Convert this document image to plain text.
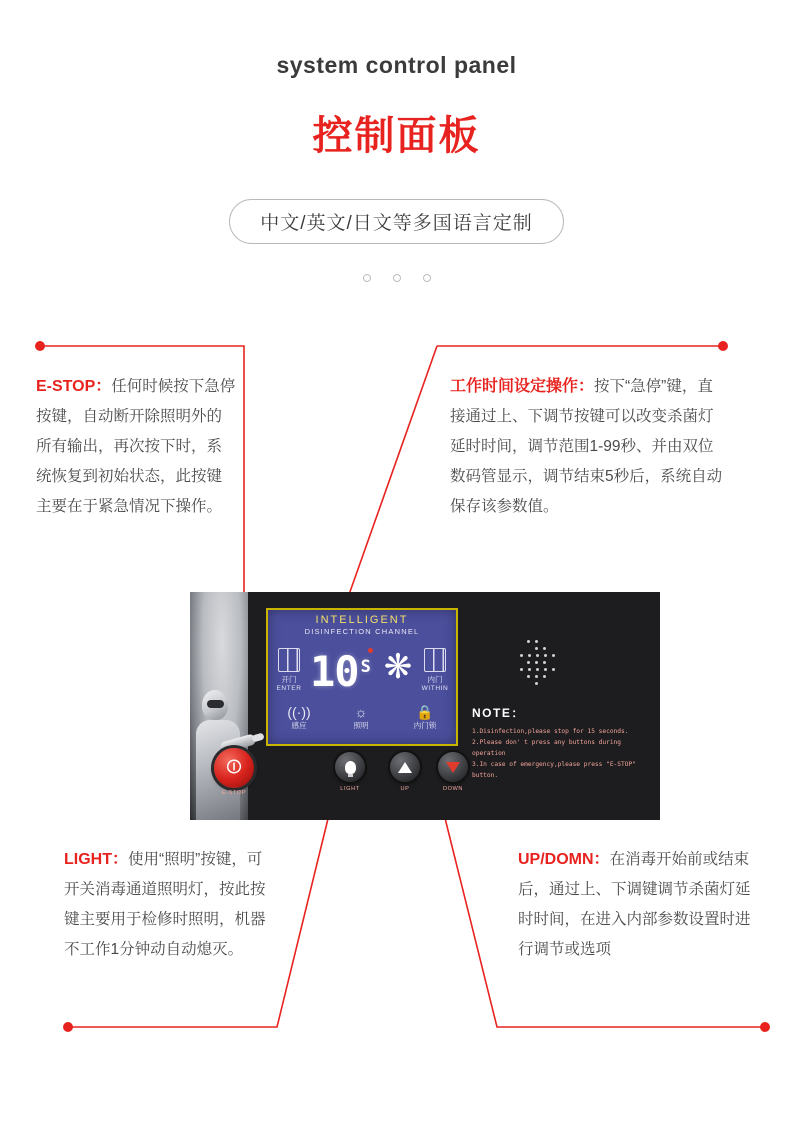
system control panel
控制面板
中文/英文/日文等多国语言定制
E-STOP：任何时候按下急停按键，自动断开除照明外的所有输出，再次按下时，系统恢复到初始状态，此按键主要在于紧急情况下操作。
工作时间设定操作：按下“急停”键，直接通过上、下调节按键可以改变杀菌灯延时时间，调节范围1-99秒、并由双位数码管显示，调节结束5秒后，系统自动保存该参数值。
LIGHT：使用“照明”按键，可开关消毒通道照明灯，按此按键主要用于检修时照明，机器不工作1分钟动自动熄灭。
UP/DOMN：在消毒开始前或结束后，通过上、下调键调节杀菌灯延时时间，在进入内部参数设置时进行调节或选项
INTELLIGENT
DISINFECTION CHANNEL
开门
ENTER 10 $^S$ ❋	内门
WITHIN
((·))
感应
☼
照明
🔒
内门锁
NOTE：
1.Disinfection,please stop for 15 seconds.
2.Please don' t press any buttons during operation
3.In case of emergency,please press "E-STOP" button.
⏼
E-STOP
LIGHT	UP	DOWN
